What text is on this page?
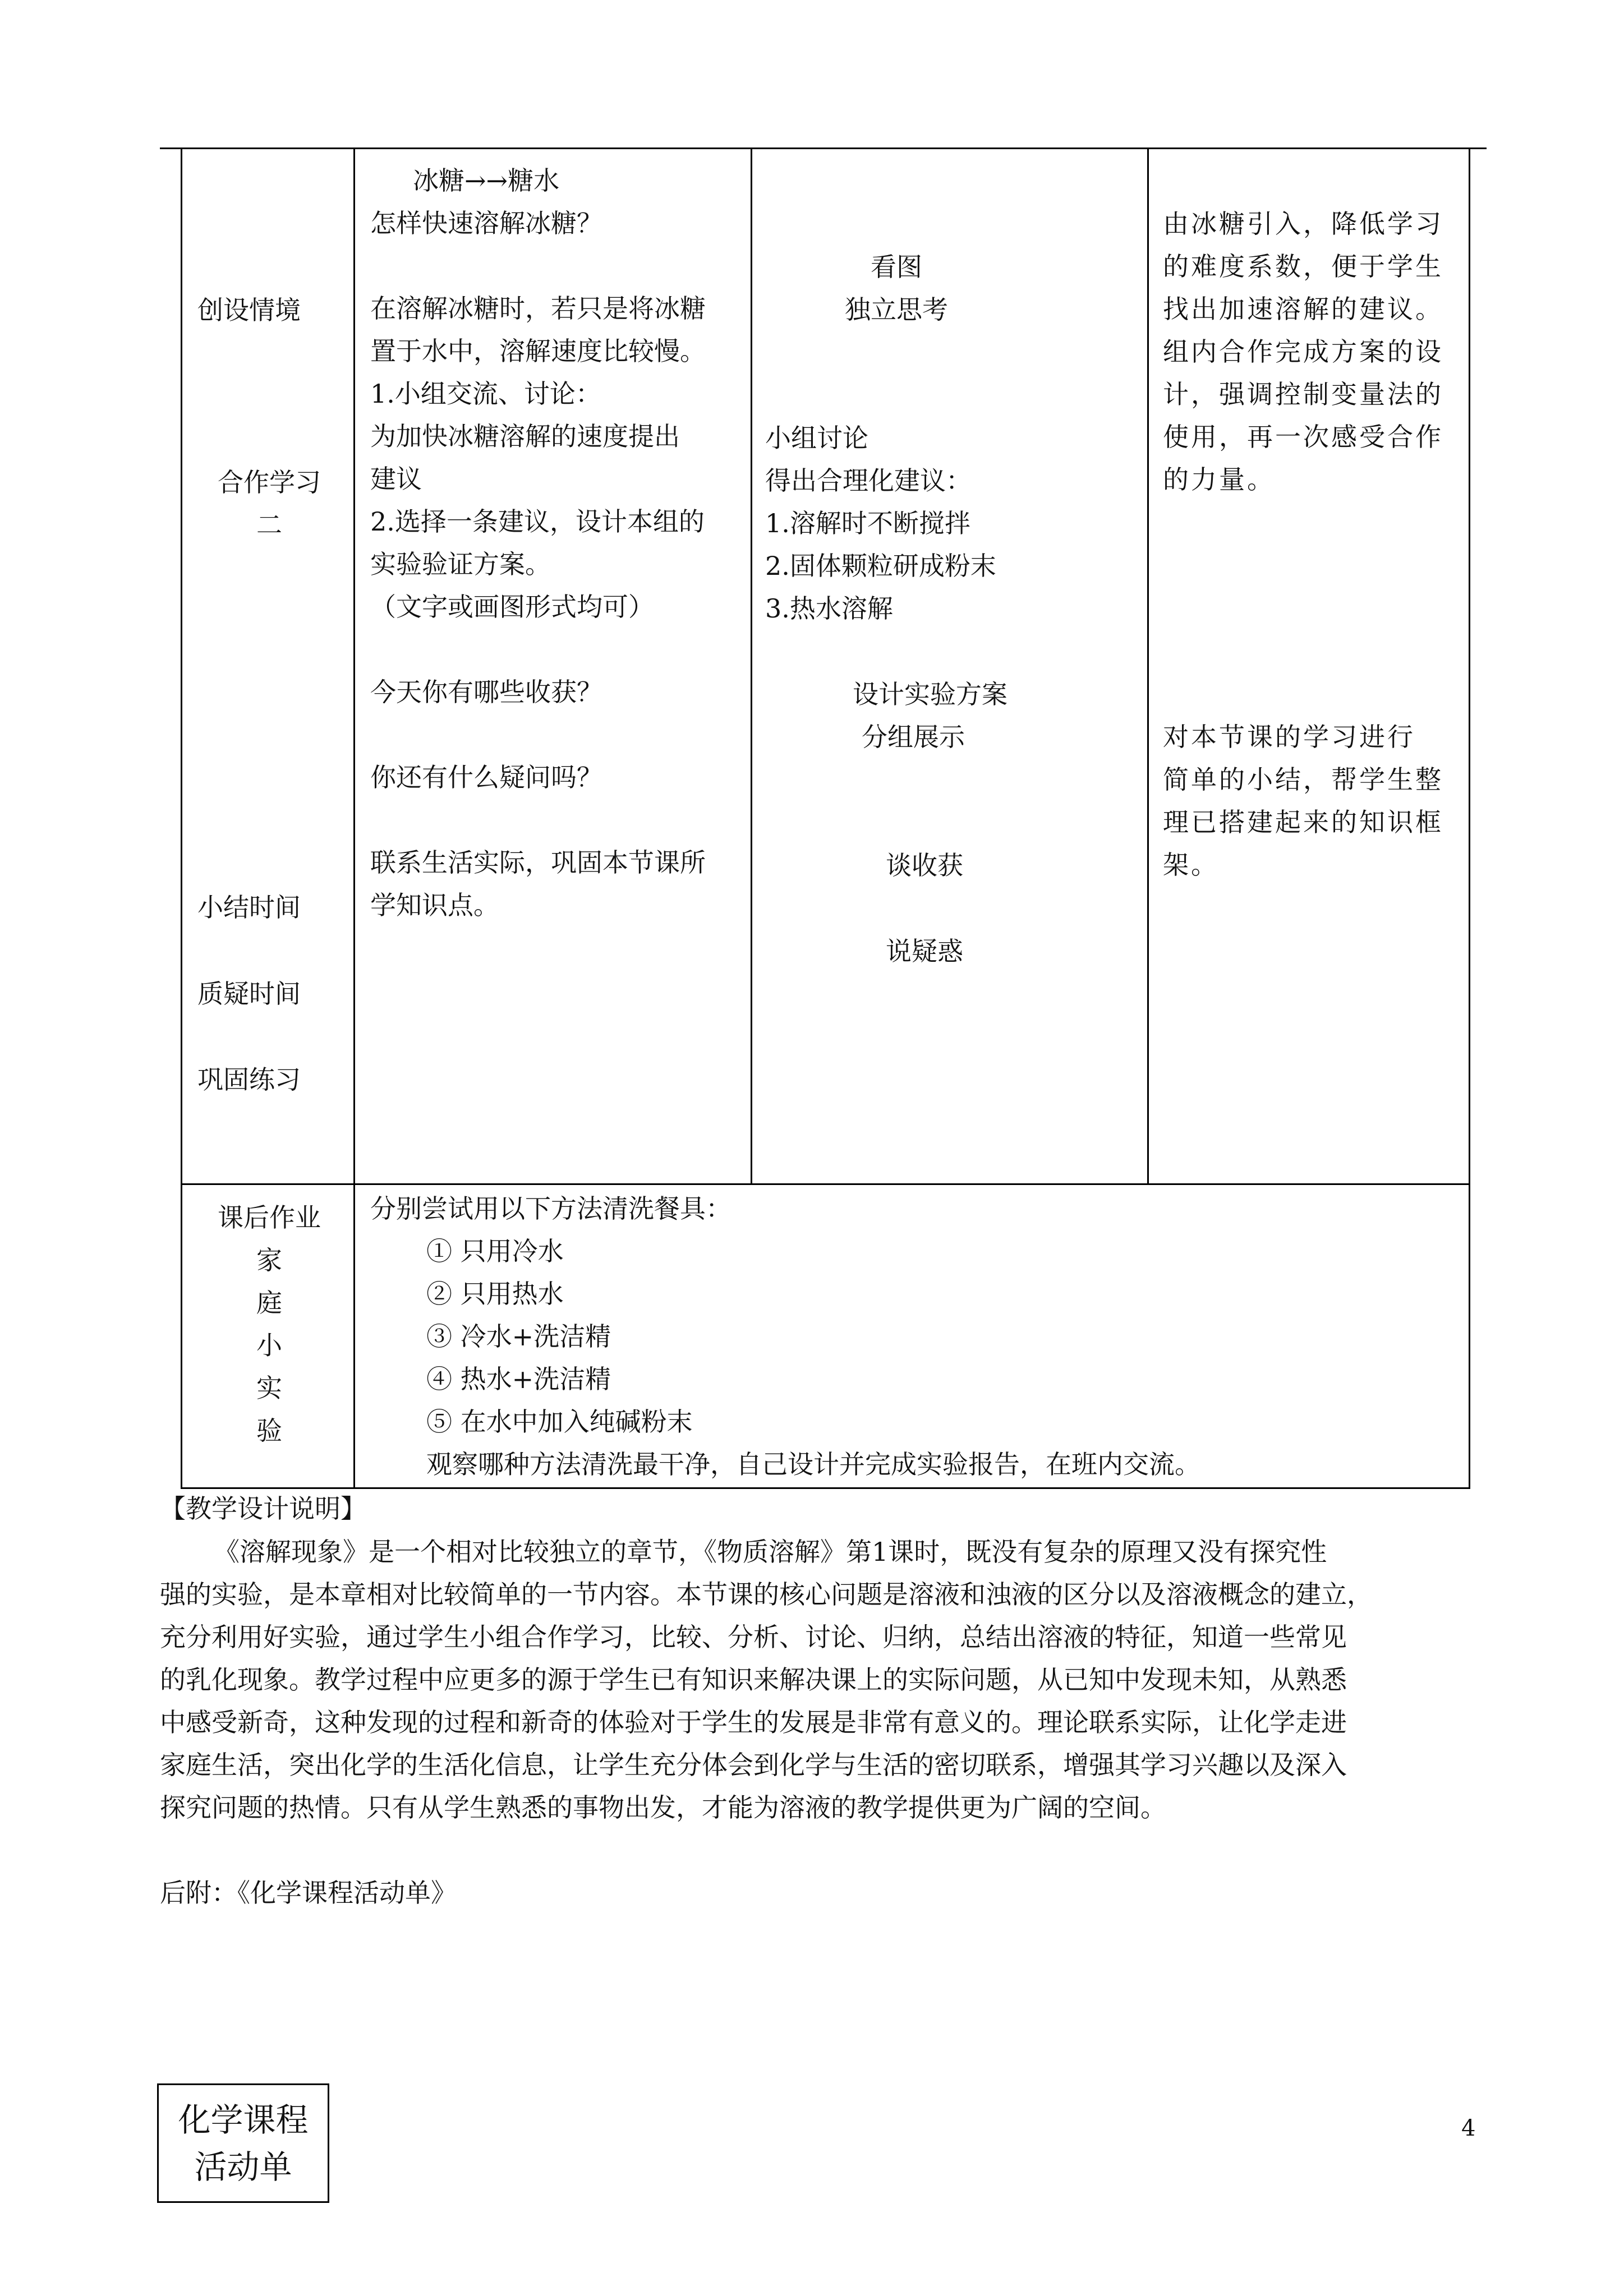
创设情境
合作学习
二
小结时间
质疑时间
巩固练习
冰糖→→糖水
怎样快速溶解冰糖？
在溶解冰糖时，若只是将冰糖
置于水中，溶解速度比较慢。
1.小组交流、讨论：
为加快冰糖溶解的速度提出
建议
2.选择一条建议，设计本组的
实验验证方案。
（文字或画图形式均可）
今天你有哪些收获？
你还有什么疑问吗？
联系生活实际，巩固本节课所
学知识点。
看图
独立思考
小组讨论
得出合理化建议：
1.溶解时不断搅拌
2.固体颗粒研成粉末
3.热水溶解
设计实验方案
分组展示
谈收获
说疑惑
由冰糖引入，降低学习
的难度系数，便于学生
找出加速溶解的建议。
组内合作完成方案的设
计，强调控制变量法的
使用，再一次感受合作
的力量。
对本节课的学习进行
简单的小结，帮学生整
理已搭建起来的知识框
架。
课后作业
家
庭
小
实
验
分别尝试用以下方法清洗餐具：
① 只用冷水
② 只用热水
③ 冷水+洗洁精
④ 热水+洗洁精
⑤ 在水中加入纯碱粉末
观察哪种方法清洗最干净，自己设计并完成实验报告，在班内交流。
【教学设计说明】
《溶解现象》是一个相对比较独立的章节，《物质溶解》第1课时，既没有复杂的原理又没有探究性
强的实验，是本章相对比较简单的一节内容。本节课的核心问题是溶液和浊液的区分以及溶液概念的建立，
充分利用好实验，通过学生小组合作学习，比较、分析、讨论、归纳，总结出溶液的特征，知道一些常见
的乳化现象。教学过程中应更多的源于学生已有知识来解决课上的实际问题，从已知中发现未知，从熟悉
中感受新奇，这种发现的过程和新奇的体验对于学生的发展是非常有意义的。理论联系实际，让化学走进
家庭生活，突出化学的生活化信息，让学生充分体会到化学与生活的密切联系，增强其学习兴趣以及深入
探究问题的热情。只有从学生熟悉的事物出发，才能为溶液的教学提供更为广阔的空间。
后附：《化学课程活动单》
化学课程
活动单
4
